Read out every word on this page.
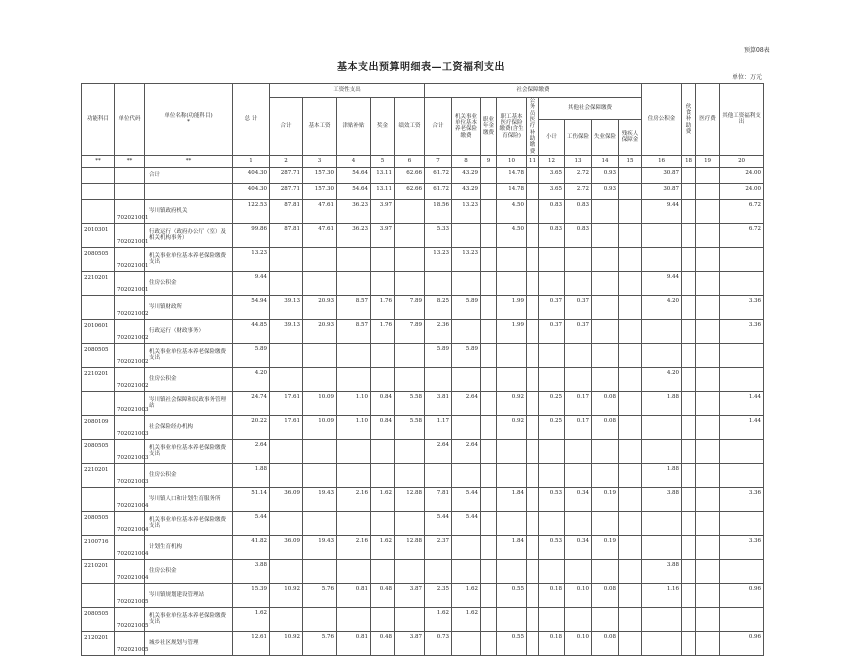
预算08表
基本支出预算明细表—工资福利支出
单位：万元
功能科目	单位代码	单位名称(功能科目)
*	总 计	工资性支出					社会保障缴费									住房公积金	伙食补助费	医疗费	其他工资福利支出
				合计	基本工资	津贴补贴	奖金	绩效工资	合计	机关事业单位基本养老保险缴费	职业年金缴费	职工基本医疗保险缴费(含生育保险)	公务员医疗补助缴费	其他社会保障缴费							
														小计	工伤保险	失业保险	残疾人保障金				
**	**	**	1	2	3	4	5	6	7	8	9	10	11	12	13	14	15	16	18	19	20
		合计	404.30	287.71	157.30	54.64	13.11	62.66	61.72	43.29		14.78		3.65	2.72	0.93		30.87			24.00
			404.30	287.71	157.30	54.64	13.11	62.66	61.72	43.29		14.78		3.65	2.72	0.93		30.87			24.00
	702021001	岑川镇政府机关	122.53	87.81	47.61	36.23	3.97		18.56	13.23		4.50		0.83	0.83			9.44			6.72
2010301	702021001	行政运行（政府办公厅（室）及相关机构事务）	99.86	87.81	47.61	36.23	3.97		5.33			4.50		0.83	0.83						6.72
2080505	702021001	机关事业单位基本养老保险缴费支出	13.23						13.23	13.23											
2210201	702021001	住房公积金	9.44															9.44			
	702021002	岑川镇财政所	54.94	39.13	20.93	8.57	1.76	7.89	8.25	5.89		1.99		0.37	0.37			4.20			3.36
2010601	702021002	行政运行（财政事务）	44.85	39.13	20.93	8.57	1.76	7.89	2.36			1.99		0.37	0.37						3.36
2080505	702021002	机关事业单位基本养老保险缴费支出	5.89						5.89	5.89											
2210201	702021002	住房公积金	4.20															4.20			
	702021003	岑川镇社会保障和民政事务管理站	24.74	17.61	10.09	1.10	0.84	5.58	3.81	2.64		0.92		0.25	0.17	0.08		1.88			1.44
2080109	702021003	社会保险经办机构	20.22	17.61	10.09	1.10	0.84	5.58	1.17			0.92		0.25	0.17	0.08					1.44
2080505	702021003	机关事业单位基本养老保险缴费支出	2.64						2.64	2.64											
2210201	702021003	住房公积金	1.88															1.88			
	702021004	岑川镇人口和计划生育服务所	51.14	36.09	19.43	2.16	1.62	12.88	7.81	5.44		1.84		0.53	0.34	0.19		3.88			3.36
2080505	702021004	机关事业单位基本养老保险缴费支出	5.44						5.44	5.44											
2100716	702021004	计划生育机构	41.82	36.09	19.43	2.16	1.62	12.88	2.37			1.84		0.53	0.34	0.19					3.36
2210201	702021004	住房公积金	3.88															3.88			
	702021005	岑川镇规划建设管理站	15.39	10.92	5.76	0.81	0.48	3.87	2.35	1.62		0.55		0.18	0.10	0.08		1.16			0.96
2080505	702021005	机关事业单位基本养老保险缴费支出	1.62						1.62	1.62											
2120201	702021005	城乡社区规划与管理	12.61	10.92	5.76	0.81	0.48	3.87	0.73			0.55		0.18	0.10	0.08					0.96
